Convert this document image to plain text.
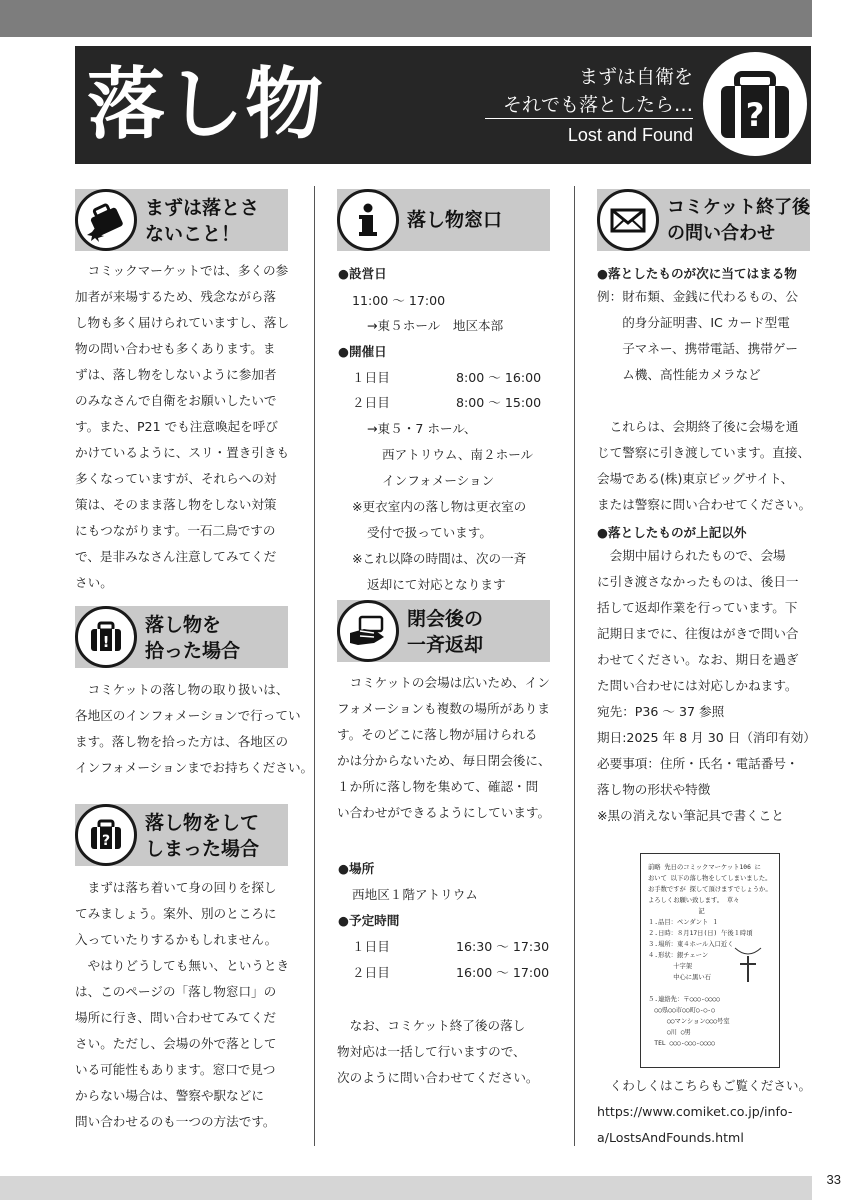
落し物	まずは自衛を
それでも落としたら…
Lost and Found
?
まずは落とさ
ないこと！
　コミックマーケットでは、多くの参
加者が来場するため、残念ながら落
し物も多く届けられていますし、落し
物の問い合わせも多くあります。ま
ずは、落し物をしないように参加者
のみなさんで自衛をお願いしたいで
す。また、P21 でも注意喚起を呼び
かけているように、スリ・置き引きも
多くなっていますが、それらへの対
策は、そのまま落し物をしない対策
にもつながります。一石二鳥ですの
で、是非みなさん注意してみてくだ
さい。
!
落し物を
拾った場合
　コミケットの落し物の取り扱いは、
各地区のインフォメーションで行ってい
ます。落し物を拾った方は、各地区の
インフォメーションまでお持ちください。
?
落し物をして
しまった場合
　まずは落ち着いて身の回りを探し
てみましょう。案外、別のところに
入っていたりするかもしれません。
　やはりどうしても無い、というとき
は、このページの「落し物窓口」の
場所に行き、問い合わせてみてくだ
さい。ただし、会場の外で落として
いる可能性もあります。窓口で見つ
からない場合は、警察や駅などに
問い合わせるのも一つの方法です。
落し物窓口
●設営日
11:00 ～ 17:00
→東５ホール　地区本部
●開催日
１日目	8:00 ～ 16:00
２日目	8:00 ～ 15:00
→東５・7 ホール、
西アトリウム、南２ホール
インフォメーション
※更衣室内の落し物は更衣室の
受付で扱っています。
※これ以降の時間は、次の一斉
返却にて対応となります
閉会後の
一斉返却
　コミケットの会場は広いため、イン
フォメーションも複数の場所がありま
す。そのどこに落し物が届けられる
かは分からないため、毎日閉会後に、
１か所に落し物を集めて、確認・問
い合わせができるようにしています。
●場所
西地区１階アトリウム
●予定時間
１日目	16:30 ～ 17:30
２日目	16:00 ～ 17:00
　なお、コミケット終了後の落し
物対応は一括して行いますので、
次のように問い合わせてください。
コミケット終了後
の問い合わせ
●落としたものが次に当てはまる物
例：財布類、金銭に代わるもの、公
　　的身分証明書、IC カード型電
　　子マネー、携帯電話、携帯ゲー
　　ム機、高性能カメラなど
　これらは、会期終了後に会場を通
じて警察に引き渡しています。直接、
会場である(株)東京ビッグサイト、
または警察に問い合わせてください。
●落としたものが上記以外
　会期中届けられたもので、会場
に引き渡さなかったものは、後日一
括して返却作業を行っています。下
記期日までに、往復はがきで問い合
わせてください。なお、期日を過ぎ
た問い合わせには対応しかねます。
宛先：P36 ～ 37 参照
期日:2025 年 8 月 30 日（消印有効）
必要事項：住所・氏名・電話番号・
落し物の形状や特徴
※黒の消えない筆記具で書くこと
前略 先日のコミックマーケット106 に
おいて 以下の落し物をしてしまいました。
お手数ですが 探して頂けますでしょうか。
よろしくお願い致します。 草々
　　　　　　　　記
１.品目：ペンダント １
２.日時：８月17日(日) 午後１時頃
３.場所：東４ホール入口近く
４.形状：銀チェーン
　　　　十字架
　　　　中心に黒い石

５.連絡先：〒○○○-○○○○
　○○県○○市○○町○-○-○
　　　○○マンション○○○号室
　　　○川 ○男
　TEL ○○○-○○○-○○○○
　くわしくはこちらもご覧ください。
https://www.comiket.co.jp/info-
a/LostsAndFounds.html
33
